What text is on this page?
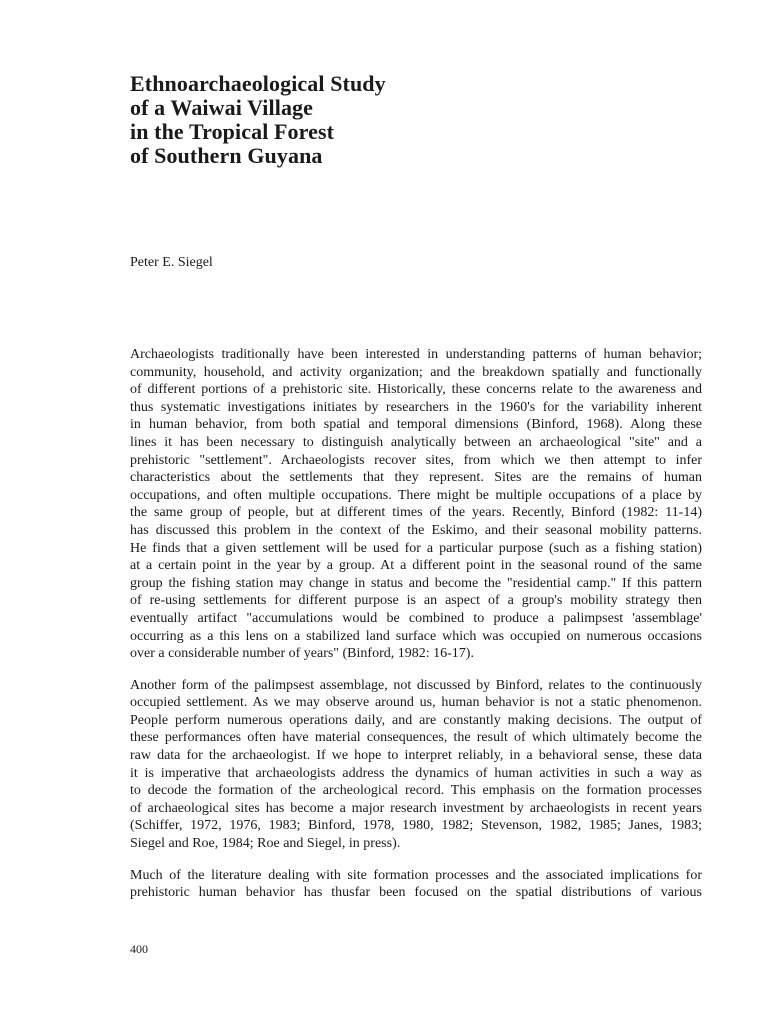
Ethnoarchaeological Study
of a Waiwai Village
in the Tropical Forest
of Southern Guyana

Peter E. Siegel

Archaeologists traditionally have been interested in understanding patterns of human behavior;
community, household, and activity organization; and the breakdown spatially and functionally
of different portions of a prehistoric site. Historically, these concerns relate to the awareness and
thus systematic investigations initiates by researchers in the 1960's for the variability inherent
in human behavior, from both spatial and temporal dimensions (Binford, 1968). Along these
lines it has been necessary to distinguish analytically between an archaeological "site" and a
prehistoric "settlement". Archaeologists recover sites, from which we then attempt to infer
characteristics about the settlements that they represent. Sites are the remains of human
occupations, and often multiple occupations. There might be multiple occupations of a place by
the same group of people, but at different times of the years. Recently, Binford (1982: 11-14)
has discussed this problem in the context of the Eskimo, and their seasonal mobility patterns.
He finds that a given settlement will be used for a particular purpose (such as a fishing station)
at a certain point in the year by a group. At a different point in the seasonal round of the same
group the fishing station may change in status and become the "residential camp." If this pattern
of re-using settlements for different purpose is an aspect of a group's mobility strategy then
eventually artifact "accumulations would be combined to produce a palimpsest 'assemblage'
occurring as a this lens on a stabilized land surface which was occupied on numerous occasions
over a considerable number of years" (Binford, 1982: 16-17).

Another form of the palimpsest assemblage, not discussed by Binford, relates to the continuously
occupied settlement. As we may observe around us, human behavior is not a static phenomenon.
People perform numerous operations daily, and are constantly making decisions. The output of
these performances often have material consequences, the result of which ultimately become the
raw data for the archaeologist. If we hope to interpret reliably, in a behavioral sense, these data
it is imperative that archaeologists address the dynamics of human activities in such a way as
to decode the formation of the archeological record. This emphasis on the formation processes
of archaeological sites has become a major research investment by archaeologists in recent years
(Schiffer, 1972, 1976, 1983; Binford, 1978, 1980, 1982; Stevenson, 1982, 1985; Janes, 1983;
Siegel and Roe, 1984; Roe and Siegel, in press).

Much of the literature dealing with site formation processes and the associated implications for
prehistoric human behavior has thusfar been focused on the spatial distributions of various

400
